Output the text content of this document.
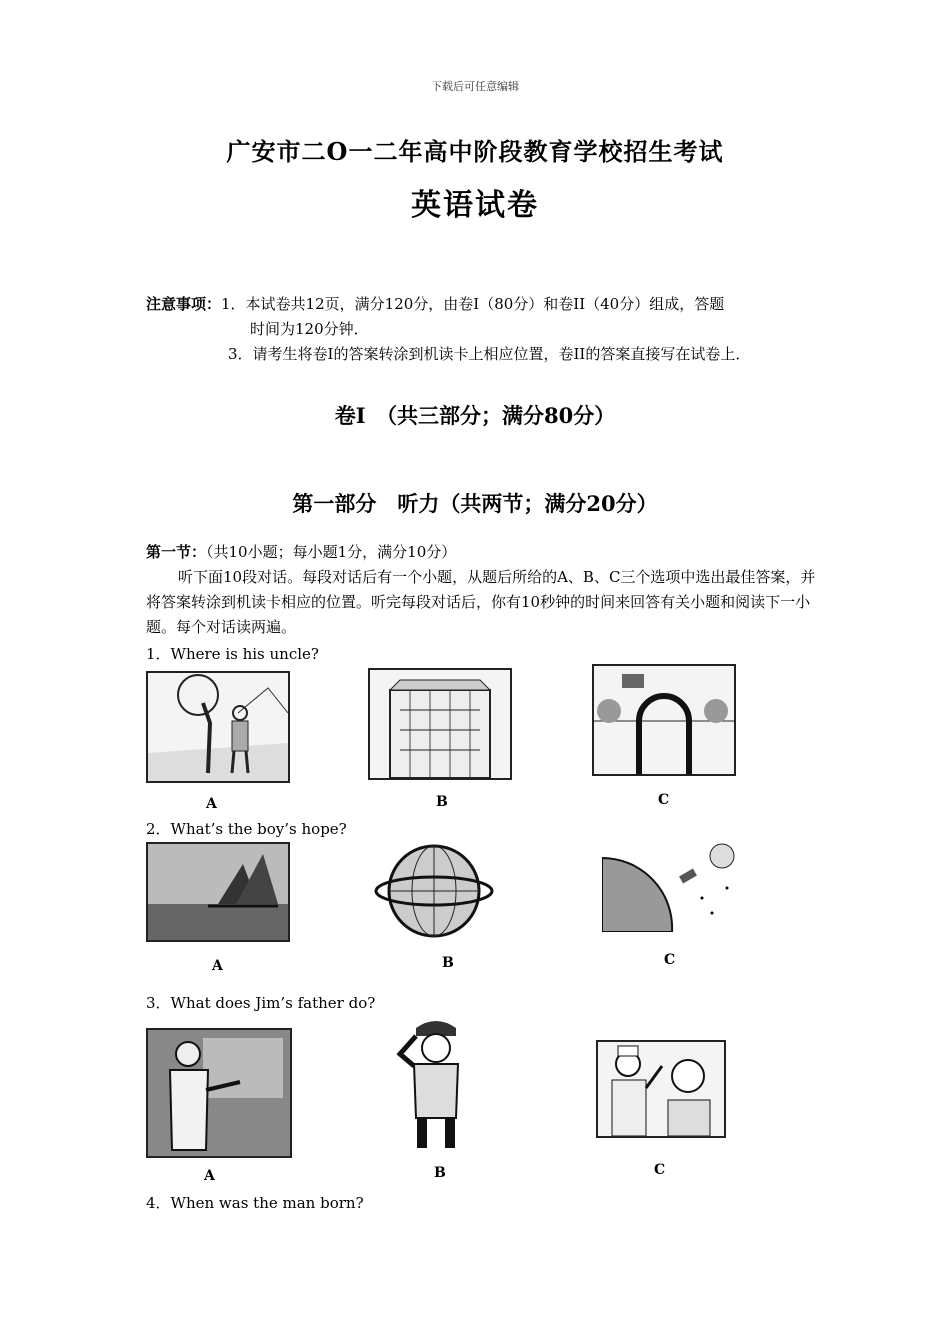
下载后可任意编辑
广安市二O一二年高中阶段教育学校招生考试
英语试卷
注意事项：1．本试卷共12页，满分120分，由卷I（80分）和卷II（40分）组成，答题
时间为120分钟．
3．请考生将卷I的答案转涂到机读卡上相应位置，卷II的答案直接写在试卷上．
卷I　（共三部分；满分80分）
第一部分　听力（共两节；满分20分）
第一节：（共10小题；每小题1分，满分10分）
听下面10段对话。每段对话后有一个小题，从题后所给的A、B、C三个选项中选出最佳答案，并将答案转涂到机读卡相应的位置。听完每段对话后，你有10秒钟的时间来回答有关小题和阅读下一小题。每个对话读两遍。
1．Where is his uncle?
A	B	C
2．What’s the boy’s hope?
A	B	C
3．What does Jim’s father do?
A	B	C
4．When was the man born?
